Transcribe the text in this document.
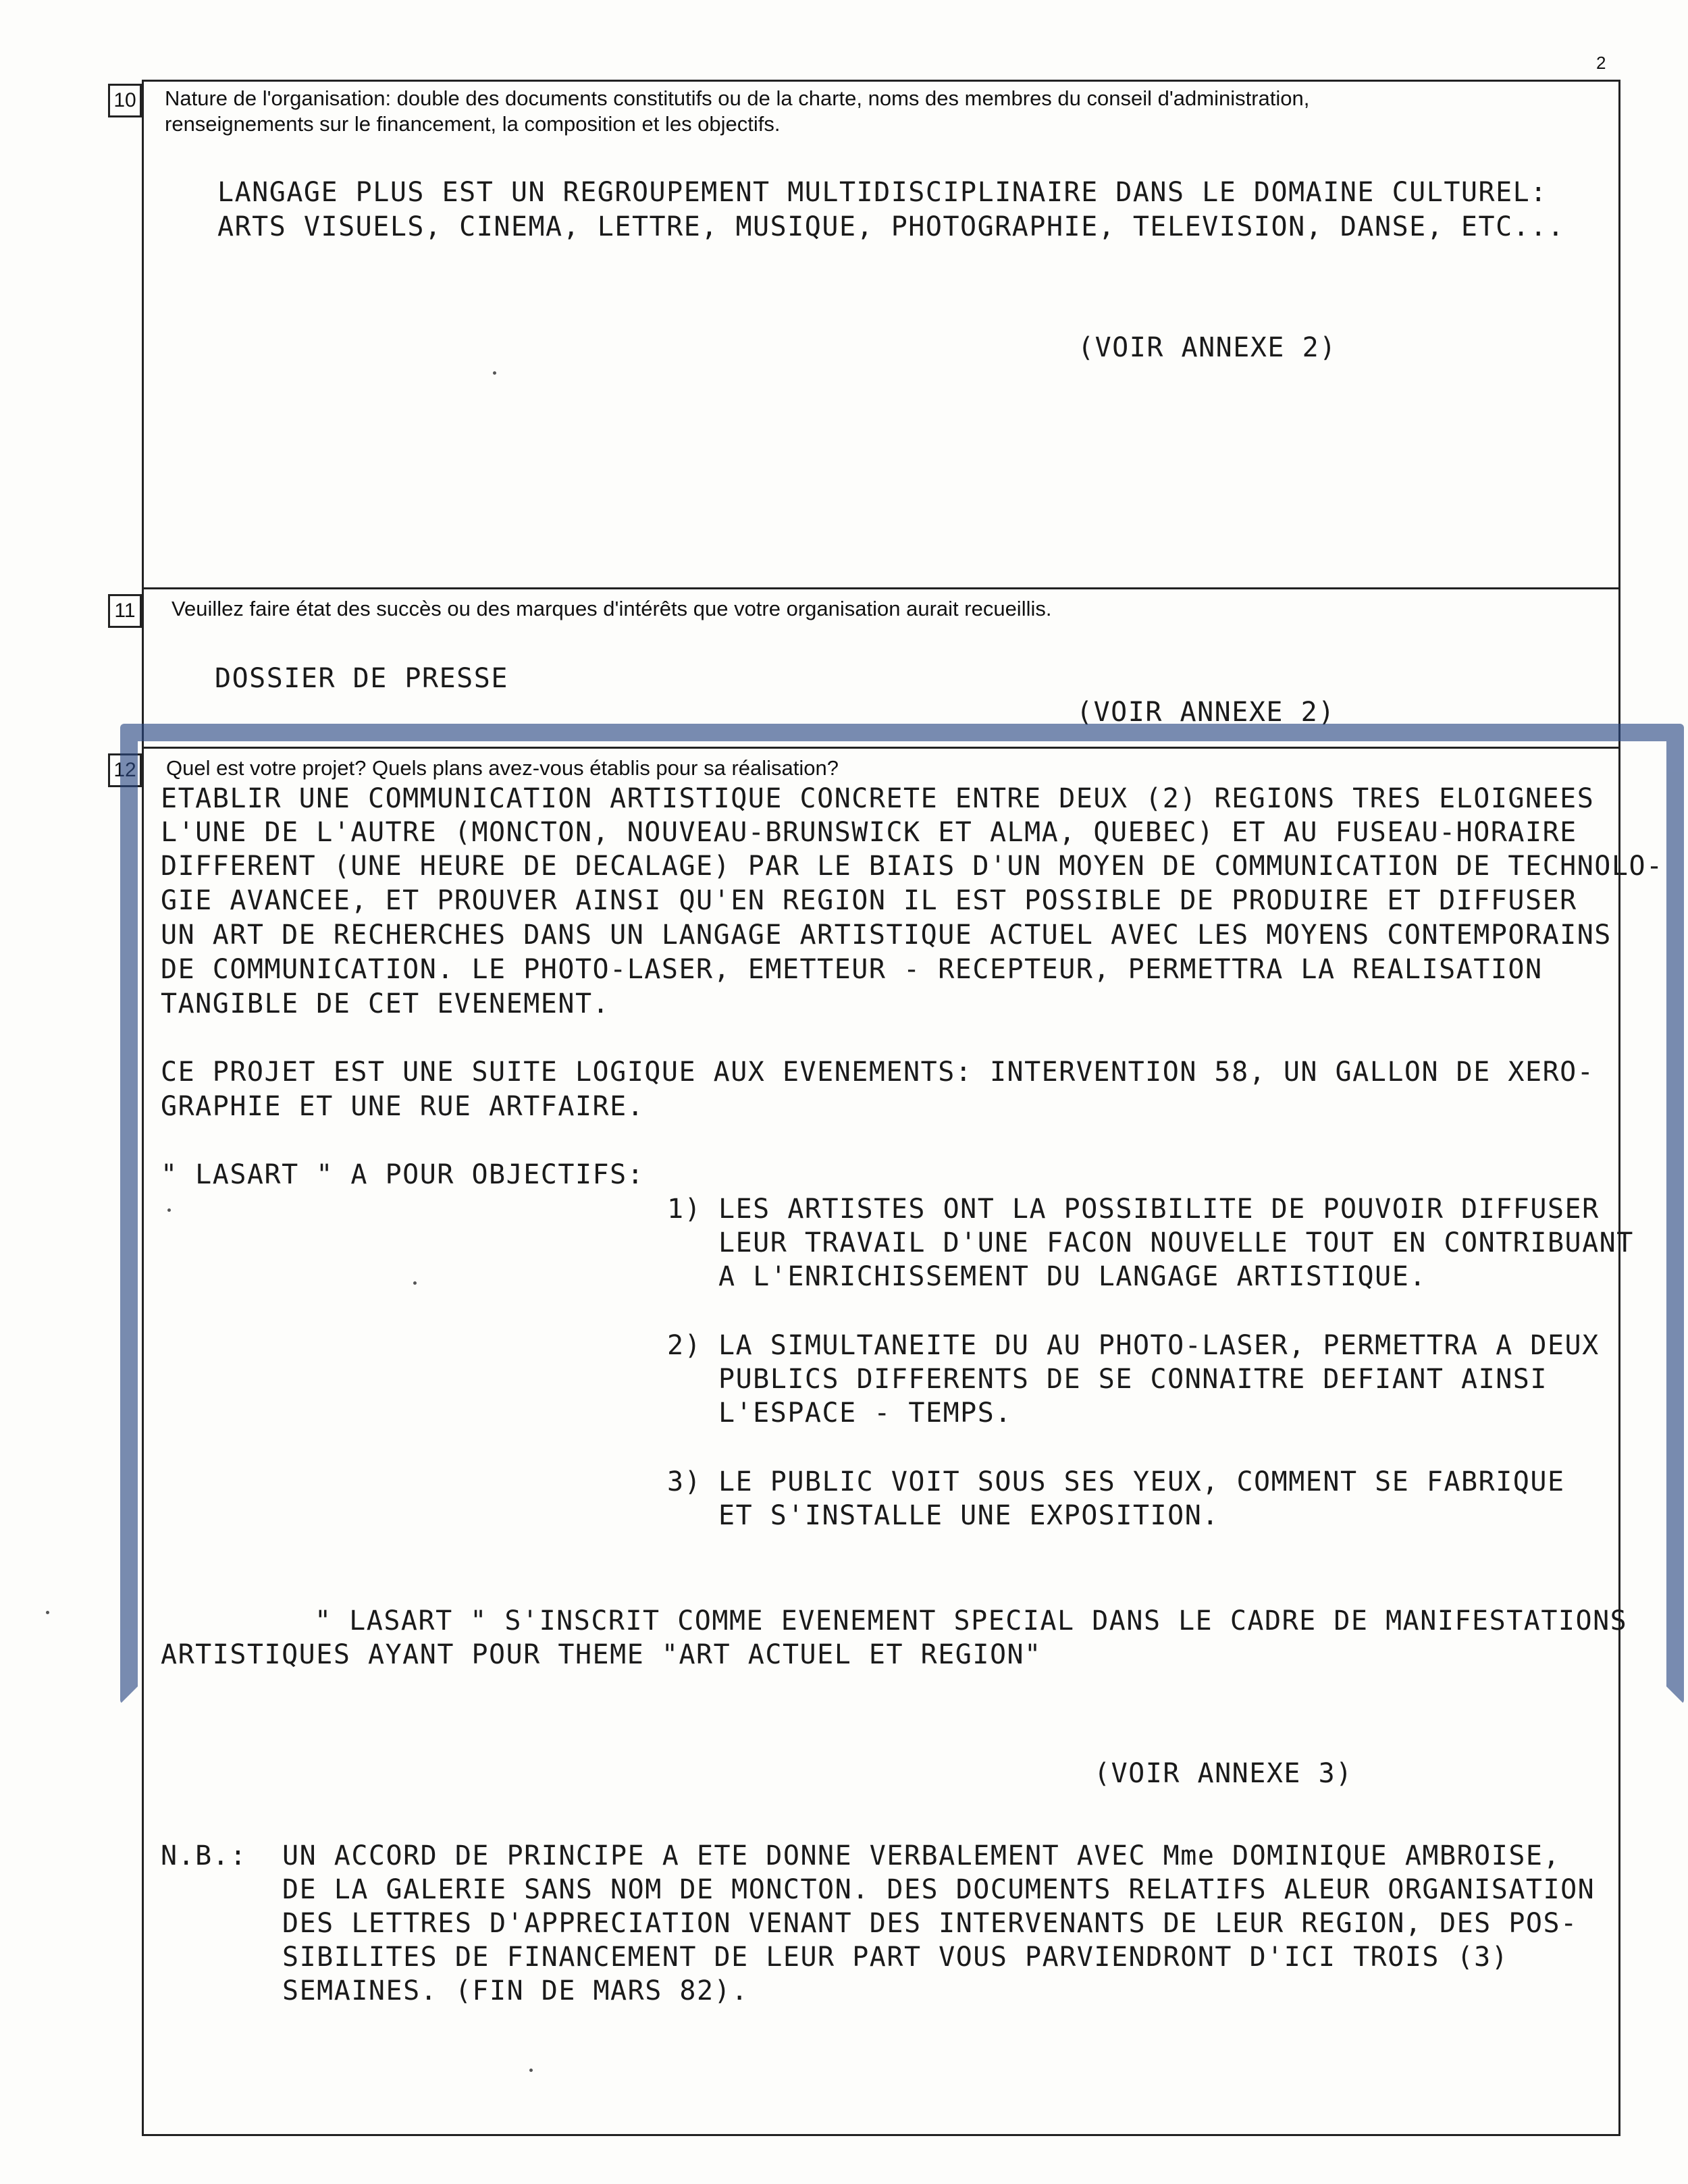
2
10 Nature de l'organisation: double des documents constitutifs ou de la charte, noms des membres du conseil d'administration,
renseignements sur le financement, la composition et les objectifs.
LANGAGE PLUS EST UN REGROUPEMENT MULTIDISCIPLINAIRE DANS LE DOMAINE CULTUREL:
ARTS VISUELS, CINEMA, LETTRE, MUSIQUE, PHOTOGRAPHIE, TELEVISION, DANSE, ETC...
(VOIR ANNEXE 2)
11	Veuillez faire état des succès ou des marques d'intérêts que votre organisation aurait recueillis.
DOSSIER DE PRESSE
(VOIR ANNEXE 2)
12 Quel est votre projet? Quels plans avez-vous établis pour sa réalisation?
ETABLIR UNE COMMUNICATION ARTISTIQUE CONCRETE ENTRE DEUX (2) REGIONS TRES ELOIGNEES
L'UNE DE L'AUTRE (MONCTON, NOUVEAU-BRUNSWICK ET ALMA, QUEBEC) ET AU FUSEAU-HORAIRE
DIFFERENT (UNE HEURE DE DECALAGE) PAR LE BIAIS D'UN MOYEN DE COMMUNICATION DE TECHNOLO-
GIE AVANCEE, ET PROUVER AINSI QU'EN REGION IL EST POSSIBLE DE PRODUIRE ET DIFFUSER
UN ART DE RECHERCHES DANS UN LANGAGE ARTISTIQUE ACTUEL AVEC LES MOYENS CONTEMPORAINS
DE COMMUNICATION. LE PHOTO-LASER, EMETTEUR - RECEPTEUR, PERMETTRA LA REALISATION
TANGIBLE DE CET EVENEMENT.
CE PROJET EST UNE SUITE LOGIQUE AUX EVENEMENTS: INTERVENTION 58, UN GALLON DE XERO-
GRAPHIE ET UNE RUE ARTFAIRE.
" LASART " A POUR OBJECTIFS:
1) LES ARTISTES ONT LA POSSIBILITE DE POUVOIR DIFFUSER
LEUR TRAVAIL D'UNE FACON NOUVELLE TOUT EN CONTRIBUANT
A L'ENRICHISSEMENT DU LANGAGE ARTISTIQUE.
2) LA SIMULTANEITE DU AU PHOTO-LASER, PERMETTRA A DEUX
PUBLICS DIFFERENTS DE SE CONNAITRE DEFIANT AINSI
L'ESPACE - TEMPS.
3) LE PUBLIC VOIT SOUS SES YEUX, COMMENT SE FABRIQUE
ET S'INSTALLE UNE EXPOSITION.
" LASART " S'INSCRIT COMME EVENEMENT SPECIAL DANS LE CADRE DE MANIFESTATIONS
ARTISTIQUES AYANT POUR THEME "ART ACTUEL ET REGION"
(VOIR ANNEXE 3)
N.B.: UN ACCORD DE PRINCIPE A ETE DONNE VERBALEMENT AVEC Mme DOMINIQUE AMBROISE,
DE LA GALERIE SANS NOM DE MONCTON. DES DOCUMENTS RELATIFS ALEUR ORGANISATION
DES LETTRES D'APPRECIATION VENANT DES INTERVENANTS DE LEUR REGION, DES POS-
SIBILITES DE FINANCEMENT DE LEUR PART VOUS PARVIENDRONT D'ICI TROIS (3)
SEMAINES. (FIN DE MARS 82).
